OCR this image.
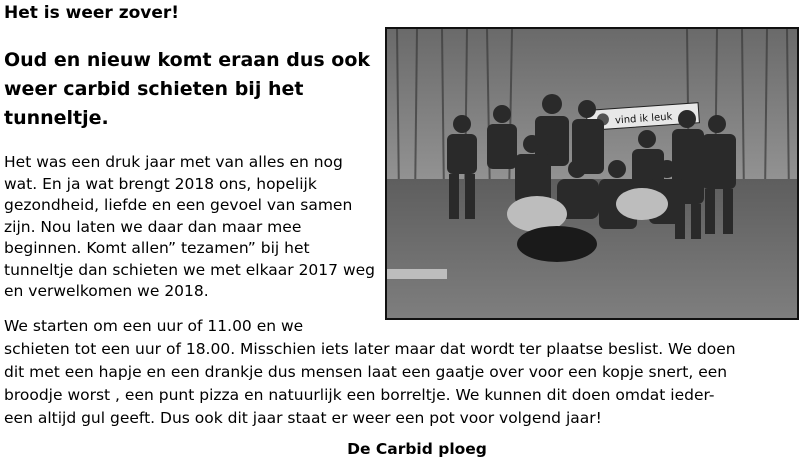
Het is weer zover!
Oud en nieuw komt eraan dus ook weer carbid schieten bij het tunneltje.
Het was een druk jaar met van alles en nog wat. En ja wat brengt 2018 ons, hopelijk gezondheid, liefde en een gevoel van samen zijn. Nou laten we daar dan maar mee beginnen. Komt allen” tezamen” bij het tunneltje dan schieten we met elkaar 2017 weg en verwelkomen we 2018.
We starten om een uur of 11.00 en we
schieten tot een uur of 18.00. Misschien iets later maar dat wordt ter plaatse beslist. We doen
dit met een hapje en een drankje dus mensen laat een gaatje over voor een kopje snert, een
broodje worst , een punt pizza en natuurlijk een borreltje. We kunnen dit doen omdat ieder-
een altijd gul geeft. Dus ook dit jaar staat er weer een pot voor volgend jaar!
De Carbid ploeg
vind ik leuk
